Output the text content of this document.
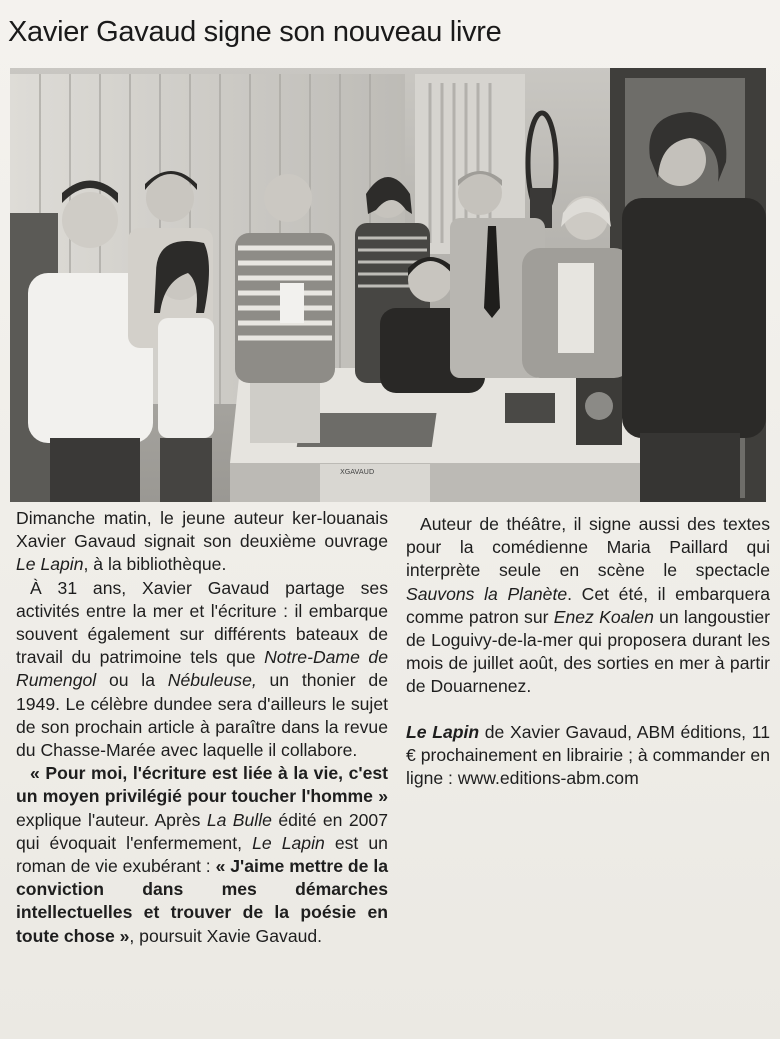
Xavier Gavaud signe son nouveau livre
XGAVAUD

Dimanche matin, le jeune auteur ker-louanais Xavier Gavaud signait son deuxième ouvrage Le Lapin, à la bibliothèque.

À 31 ans, Xavier Gavaud partage ses activités entre la mer et l'écriture : il embarque souvent également sur différents bateaux de travail du patrimoine tels que Notre-Dame de Rumengol ou la Nébuleuse, un thonier de 1949. Le célèbre dundee sera d'ailleurs le sujet de son prochain article à paraître dans la revue du Chasse-Marée avec laquelle il collabore.

« Pour moi, l'écriture est liée à la vie, c'est un moyen privilégié pour toucher l'homme » explique l'auteur. Après La Bulle édité en 2007 qui évoquait l'enfermement, Le Lapin est un roman de vie exubérant : « J'aime mettre de la conviction dans mes démarches intellectuelles et trouver de la poésie en toute chose », poursuit Xavie Gavaud.

Auteur de théâtre, il signe aussi des textes pour la comédienne Maria Paillard qui interprète seule en scène le spectacle Sauvons la Planète. Cet été, il embarquera comme patron sur Enez Koalen un langoustier de Loguivy-de-la-mer qui proposera durant les mois de juillet août, des sorties en mer à partir de Douarnenez.

Le Lapin de Xavier Gavaud, ABM éditions, 11 € prochainement en librairie ; à commander en ligne : www.editions-abm.com
